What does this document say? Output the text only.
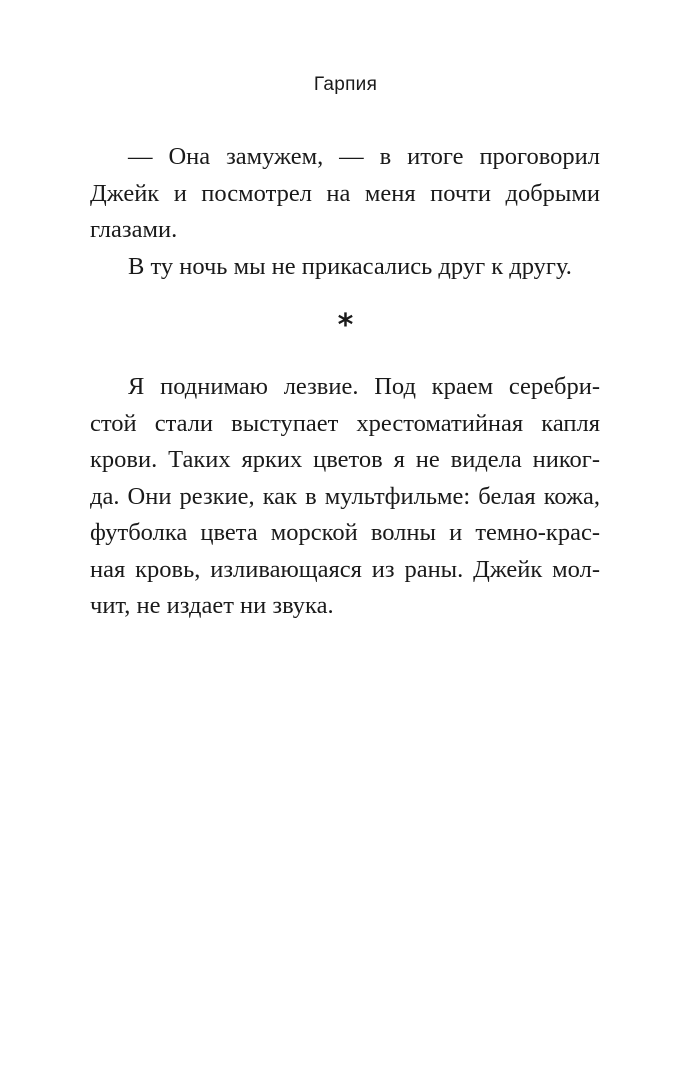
Гарпия
— Она замужем, — в итоге проговорил
Джейк и посмотрел на меня почти добрыми
глазами.
В ту ночь мы не прикасались друг к другу.
*
Я поднимаю лезвие. Под краем серебри-
стой стали выступает хрестоматийная капля
крови. Таких ярких цветов я не видела никог-
да. Они резкие, как в мультфильме: белая кожа,
футболка цвета морской волны и темно-крас-
ная кровь, изливающаяся из раны. Джейк мол-
чит, не издает ни звука.
